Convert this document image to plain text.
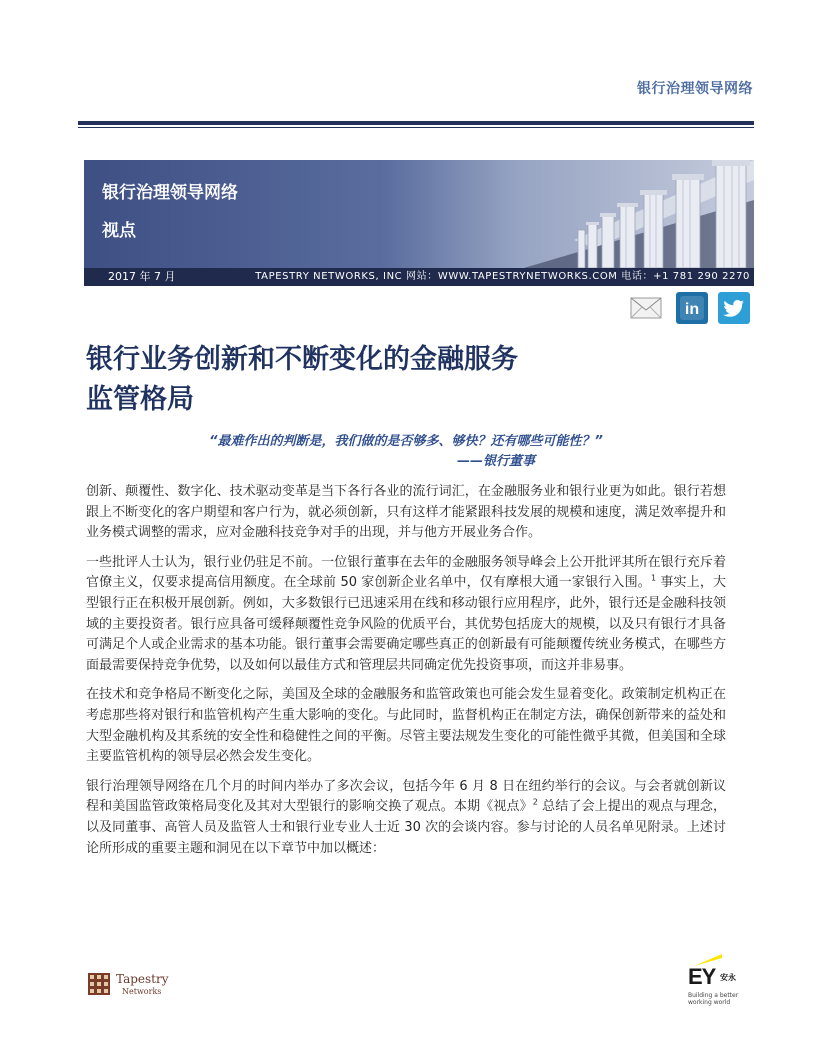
银行治理领导网络
银行治理领导网络
视点
2017 年 7 月	TAPESTRY NETWORKS, INC 网站：WWW.TAPESTRYNETWORKS.COM 电话：+1 781 290 2270
in
银行业务创新和不断变化的金融服务
监管格局
“最难作出的判断是，我们做的是否够多、够快？还有哪些可能性？”
——银行董事

创新、颠覆性、数字化、技术驱动变革是当下各行各业的流行词汇，在金融服务业和银行业更为如此。银行若想跟上不断变化的客户期望和客户行为，就必须创新，只有这样才能紧跟科技发展的规模和速度，满足效率提升和业务模式调整的需求，应对金融科技竞争对手的出现，并与他方开展业务合作。

一些批评人士认为，银行业仍驻足不前。一位银行董事在去年的金融服务领导峰会上公开批评其所在银行充斥着官僚主义，仅要求提高信用额度。在全球前 50 家创新企业名单中，仅有摩根大通一家银行入围。$^1$ 事实上，大型银行正在积极开展创新。例如，大多数银行已迅速采用在线和移动银行应用程序，此外，银行还是金融科技领域的主要投资者。银行应具备可缓释颠覆性竞争风险的优质平台，其优势包括庞大的规模，以及只有银行才具备可满足个人或企业需求的基本功能。银行董事会需要确定哪些真正的创新最有可能颠覆传统业务模式，在哪些方面最需要保持竞争优势，以及如何以最佳方式和管理层共同确定优先投资事项，而这并非易事。

在技术和竞争格局不断变化之际，美国及全球的金融服务和监管政策也可能会发生显着变化。政策制定机构正在考虑那些将对银行和监管机构产生重大影响的变化。与此同时，监督机构正在制定方法，确保创新带来的益处和大型金融机构及其系统的安全性和稳健性之间的平衡。尽管主要法规发生变化的可能性微乎其微，但美国和全球主要监管机构的领导层必然会发生变化。

银行治理领导网络在几个月的时间内举办了多次会议，包括今年 6 月 8 日在纽约举行的会议。与会者就创新议程和美国监管政策格局变化及其对大型银行的影响交换了观点。本期《视点》$^2$ 总结了会上提出的观点与理念，以及同董事、高管人员及监管人士和银行业专业人士近 30 次的会谈内容。参与讨论的人员名单见附录。上述讨论所形成的重要主题和洞见在以下章节中加以概述：

Tapestry
Networks
EY 安永
Building a better working world
